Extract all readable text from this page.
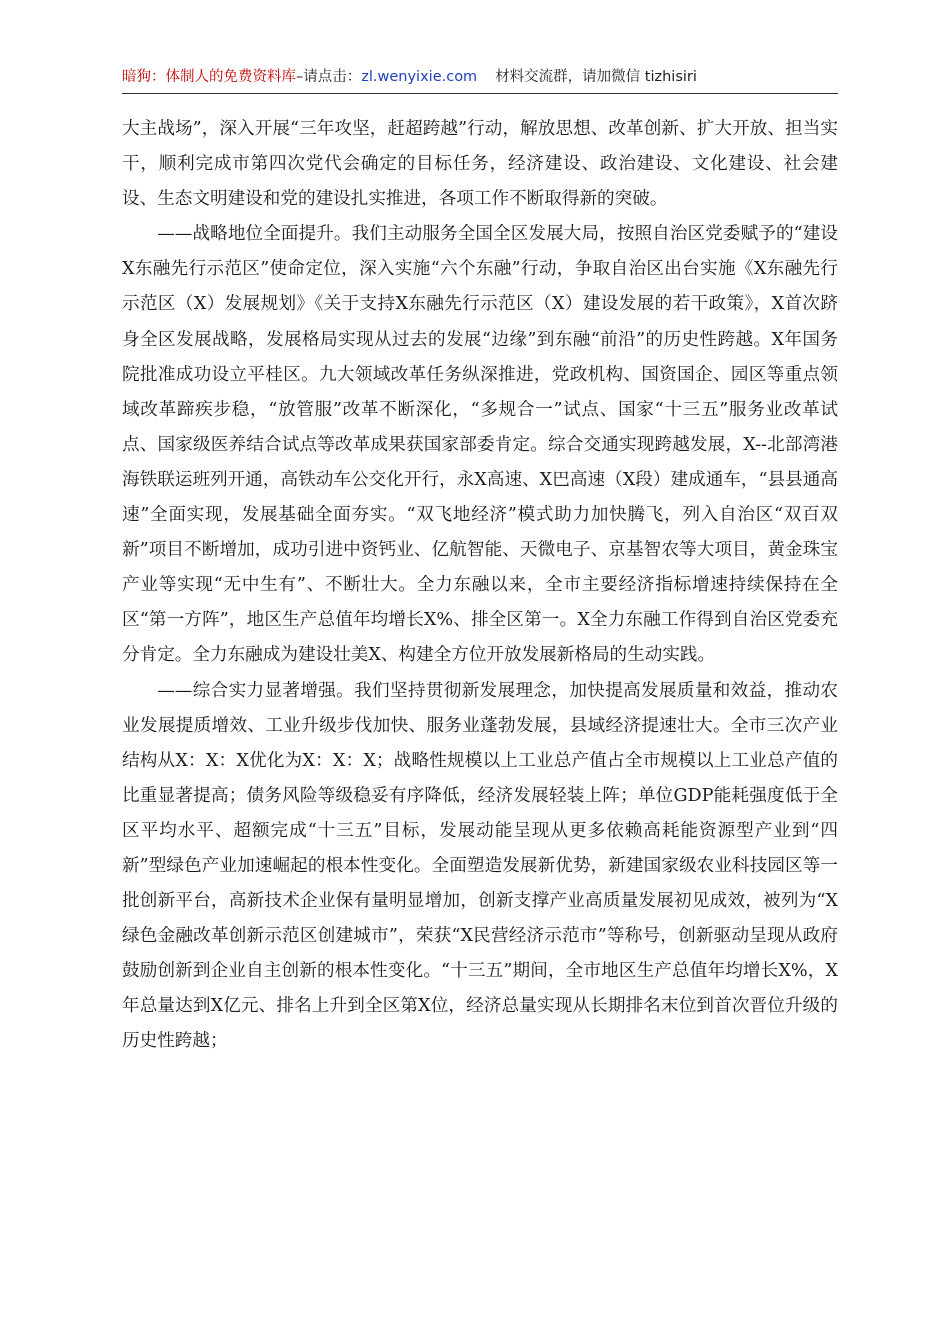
暗狗：体制人的免费资料库–请点击：zl.wenyixie.com 材料交流群，请加微信 tizhisiri

大主战场”，深入开展“三年攻坚，赶超跨越”行动，解放思想、改革创新、扩大开放、担当实干，顺利完成市第四次党代会确定的目标任务，经济建设、政治建设、文化建设、社会建设、生态文明建设和党的建设扎实推进，各项工作不断取得新的突破。

——战略地位全面提升。我们主动服务全国全区发展大局，按照自治区党委赋予的“建设X东融先行示范区”使命定位，深入实施“六个东融”行动，争取自治区出台实施《X东融先行示范区（X）发展规划》《关于支持X东融先行示范区（X）建设发展的若干政策》，X首次跻身全区发展战略，发展格局实现从过去的发展“边缘”到东融“前沿”的历史性跨越。X年国务院批准成功设立平桂区。九大领域改革任务纵深推进，党政机构、国资国企、园区等重点领域改革蹄疾步稳，“放管服”改革不断深化，“多规合一”试点、国家“十三五”服务业改革试点、国家级医养结合试点等改革成果获国家部委肯定。综合交通实现跨越发展，X--北部湾港海铁联运班列开通，高铁动车公交化开行，永X高速、X巴高速（X段）建成通车，“县县通高速”全面实现，发展基础全面夯实。“双飞地经济”模式助力加快腾飞，列入自治区“双百双新”项目不断增加，成功引进中资钙业、亿航智能、天微电子、京基智农等大项目，黄金珠宝产业等实现“无中生有”、不断壮大。全力东融以来，全市主要经济指标增速持续保持在全区“第一方阵”，地区生产总值年均增长X%、排全区第一。X全力东融工作得到自治区党委充分肯定。全力东融成为建设壮美X、构建全方位开放发展新格局的生动实践。

——综合实力显著增强。我们坚持贯彻新发展理念，加快提高发展质量和效益，推动农业发展提质增效、工业升级步伐加快、服务业蓬勃发展，县域经济提速壮大。全市三次产业结构从X：X：X优化为X：X：X；战略性规模以上工业总产值占全市规模以上工业总产值的比重显著提高；债务风险等级稳妥有序降低，经济发展轻装上阵；单位GDP能耗强度低于全区平均水平、超额完成“十三五”目标，发展动能呈现从更多依赖高耗能资源型产业到“四新”型绿色产业加速崛起的根本性变化。全面塑造发展新优势，新建国家级农业科技园区等一批创新平台，高新技术企业保有量明显增加，创新支撑产业高质量发展初见成效，被列为“X绿色金融改革创新示范区创建城市”，荣获“X民营经济示范市”等称号，创新驱动呈现从政府鼓励创新到企业自主创新的根本性变化。“十三五”期间，全市地区生产总值年均增长X%，X年总量达到X亿元、排名上升到全区第X位，经济总量实现从长期排名末位到首次晋位升级的历史性跨越；
